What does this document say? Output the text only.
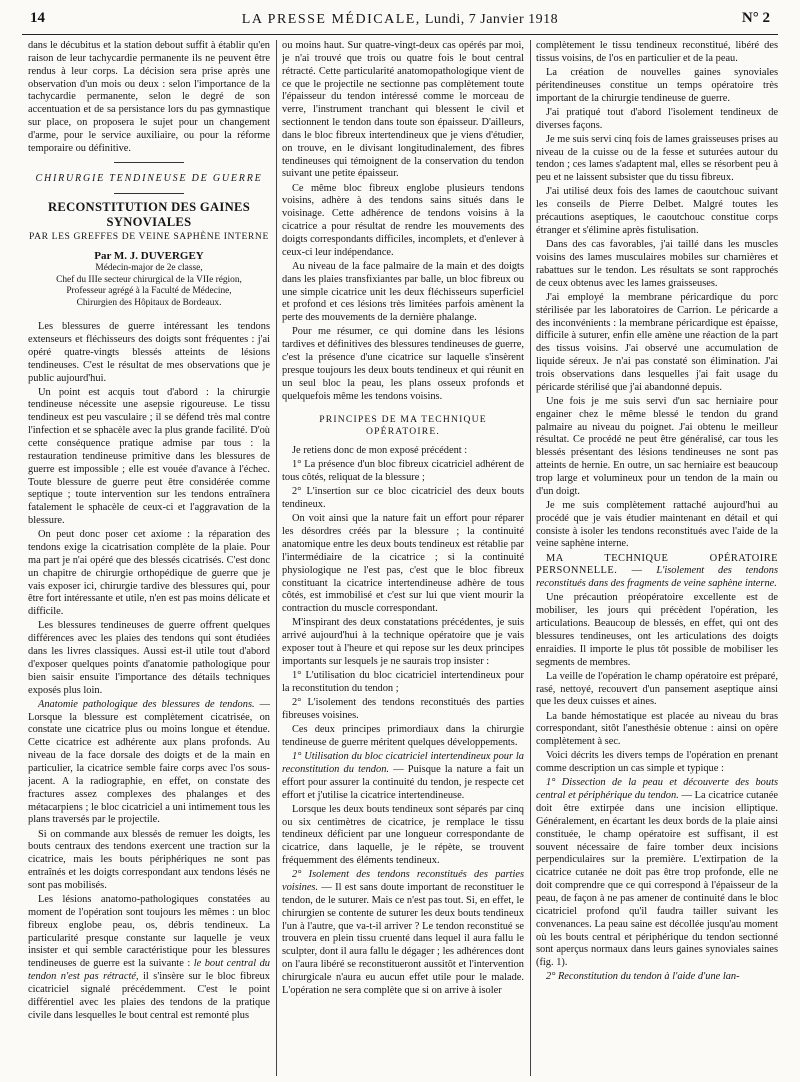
14	LA PRESSE MÉDICALE, Lundi, 7 Janvier 1918	N° 2

dans le décubitus et la station debout suffit à établir qu'en raison de leur tachycardie permanente ils ne peuvent être rendus à leur corps. La décision sera prise après une observation d'un mois ou deux : selon l'importance de la tachycardie permanente, selon le degré de son accentuation et de sa persistance lors du pas gymnastique sur place, on proposera le sujet pour un changement d'arme, pour le service auxiliaire, ou pour la réforme temporaire ou définitive.

CHIRURGIE TENDINEUSE DE GUERRE

RECONSTITUTION DES GAINES SYNOVIALES
PAR LES GREFFES DE VEINE SAPHÈNE INTERNE
Par M. J. DUVERGEY
Médecin-major de 2e classe,
Chef du IIIe secteur chirurgical de la VIIe région,
Professeur agrégé à la Faculté de Médecine,
Chirurgien des Hôpitaux de Bordeaux.

Les blessures de guerre intéressant les tendons extenseurs et fléchisseurs des doigts sont fréquentes : j'ai opéré quatre-vingts blessés atteints de lésions tendineuses. C'est le résultat de mes observations que je public aujourd'hui.

Un point est acquis tout d'abord : la chirurgie tendineuse nécessite une asepsie rigoureuse. Le tissu tendineux est peu vasculaire ; il se défend très mal contre l'infection et se sphacèle avec la plus grande facilité. D'où cette conséquence pratique admise par tous : la restauration tendineuse primitive dans les blessures de guerre est impossible ; elle est vouée d'avance à l'échec. Toute blessure de guerre peut être considérée comme septique ; toute intervention sur les tendons entraînera fatalement le sphacèle de ceux-ci et l'aggravation de la blessure.

On peut donc poser cet axiome : la réparation des tendons exige la cicatrisation complète de la plaie. Pour ma part je n'ai opéré que des blessés cicatrisés. C'est donc un chapitre de chirurgie orthopédique de guerre que je vais exposer ici, chirurgie tardive des blessures qui, pour être fort intéressante et utile, n'en est pas moins délicate et difficile.

Les blessures tendineuses de guerre offrent quelques différences avec les plaies des tendons qui sont étudiées dans les livres classiques. Aussi est-il utile tout d'abord d'exposer quelques points d'anatomie pathologique pour bien saisir ensuite l'importance des détails techniques exposés plus loin.

Anatomie pathologique des blessures de tendons. — Lorsque la blessure est complètement cicatrisée, on constate une cicatrice plus ou moins longue et étendue. Cette cicatrice est adhérente aux plans profonds. Au niveau de la face dorsale des doigts et de la main en particulier, la cicatrice semble faire corps avec l'os sous-jacent. A la radiographie, en effet, on constate des fractures assez complexes des phalanges et des métacarpiens ; le bloc cicatriciel a uni intimement tous les plans traversés par le projectile.

Si on commande aux blessés de remuer les doigts, les bouts centraux des tendons exercent une traction sur la cicatrice, mais les bouts périphériques ne sont pas entraînés et les doigts correspondant aux tendons lésés ne sont pas mobilisés.

Les lésions anatomo-pathologiques constatées au moment de l'opération sont toujours les mêmes : un bloc fibreux englobe peau, os, débris tendineux. La particularité presque constante sur laquelle je veux insister et qui semble caractéristique pour les blessures tendineuses de guerre est la suivante : le bout central du tendon n'est pas rétracté, il s'insère sur le bloc fibreux cicatriciel signalé précédemment. C'est le point différentiel avec les plaies des tendons de la pratique civile dans lesquelles le bout central est remonté plus

ou moins haut. Sur quatre-vingt-deux cas opérés par moi, je n'ai trouvé que trois ou quatre fois le bout central rétracté. Cette particularité anatomopathologique vient de ce que le projectile ne sectionne pas complètement toute l'épaisseur du tendon intéressé comme le morceau de verre, l'instrument tranchant qui blessent le civil et sectionnent le tendon dans toute son épaisseur. D'ailleurs, dans le bloc fibreux intertendineux que je viens d'étudier, on trouve, en le divisant longitudinalement, des fibres tendineuses qui témoignent de la conservation du tendon suivant une petite épaisseur.

Ce même bloc fibreux englobe plusieurs tendons voisins, adhère à des tendons sains situés dans le voisinage. Cette adhérence de tendons voisins à la cicatrice a pour résultat de rendre les mouvements des doigts correspondants difficiles, incomplets, et d'enlever à ceux-ci leur indépendance.

Au niveau de la face palmaire de la main et des doigts dans les plaies transfixiantes par balle, un bloc fibreux ou une simple cicatrice unit les deux fléchisseurs superficiel et profond et ces lésions très limitées parfois amènent la perte des mouvements de la dernière phalange.

Pour me résumer, ce qui domine dans les lésions tardives et définitives des blessures tendineuses de guerre, c'est la présence d'une cicatrice sur laquelle s'insèrent presque toujours les deux bouts tendineux et qui réunit en un seul bloc la peau, les plans osseux profonds et quelquefois même les tendons voisins.

PRINCIPES DE MA TECHNIQUE OPÉRATOIRE.

Je retiens donc de mon exposé précédent :

1° La présence d'un bloc fibreux cicatriciel adhérent de tous côtés, reliquat de la blessure ;

2° L'insertion sur ce bloc cicatriciel des deux bouts tendineux.

On voit ainsi que la nature fait un effort pour réparer les désordres créés par la blessure ; la continuité anatomique entre les deux bouts tendineux est rétablie par l'intermédiaire de la cicatrice ; si la continuité physiologique ne l'est pas, c'est que le bloc fibreux constituant la cicatrice intertendineuse adhère de tous côtés, est immobilisé et c'est sur lui que vient mourir la contraction du muscle correspondant.

M'inspirant des deux constatations précédentes, je suis arrivé aujourd'hui à la technique opératoire que je vais exposer tout à l'heure et qui repose sur les deux principes importants sur lesquels je ne saurais trop insister :

1° L'utilisation du bloc cicatriciel intertendineux pour la reconstitution du tendon ;

2° L'isolement des tendons reconstitués des parties fibreuses voisines.

Ces deux principes primordiaux dans la chirurgie tendineuse de guerre méritent quelques développements.

1° Utilisation du bloc cicatriciel intertendineux pour la reconstitution du tendon. — Puisque la nature a fait un effort pour assurer la continuité du tendon, je respecte cet effort et j'utilise la cicatrice intertendineuse.

Lorsque les deux bouts tendineux sont séparés par cinq ou six centimètres de cicatrice, je remplace le tissu tendineux déficient par une longueur correspondante de cicatrice, dans laquelle, je le répète, se trouvent fréquemment des éléments tendineux.

2° Isolement des tendons reconstitués des parties voisines. — Il est sans doute important de reconstituer le tendon, de le suturer. Mais ce n'est pas tout. Si, en effet, le chirurgien se contente de suturer les deux bouts tendineux l'un à l'autre, que va-t-il arriver ? Le tendon reconstitué se trouvera en plein tissu cruenté dans lequel il aura fallu le sculpter, dont il aura fallu le dégager ; les adhérences dont on l'aura libéré se reconstitueront aussitôt et l'intervention chirurgicale n'aura eu aucun effet utile pour le malade. L'opération ne sera complète que si on arrive à isoler

complètement le tissu tendineux reconstitué, libéré des tissus voisins, de l'os en particulier et de la peau.

La création de nouvelles gaines synoviales péritendineuses constitue un temps opératoire très important de la chirurgie tendineuse de guerre.

J'ai pratiqué tout d'abord l'isolement tendineux de diverses façons.

Je me suis servi cinq fois de lames graisseuses prises au niveau de la cuisse ou de la fesse et suturées autour du tendon ; ces lames s'adaptent mal, elles se résorbent peu à peu et ne laissent subsister que du tissu fibreux.

J'ai utilisé deux fois des lames de caoutchouc suivant les conseils de Pierre Delbet. Malgré toutes les précautions aseptiques, le caoutchouc constitue corps étranger et s'élimine après fistulisation.

Dans des cas favorables, j'ai taillé dans les muscles voisins des lames musculaires mobiles sur charnières et rabattues sur le tendon. Les résultats se sont rapprochés de ceux obtenus avec les lames graisseuses.

J'ai employé la membrane péricardique du porc stérilisée par les laboratoires de Carrion. Le péricarde a des inconvénients : la membrane péricardique est épaisse, difficile à suturer, enfin elle amène une réaction de la part des tissus voisins. J'ai observé une accumulation de liquide séreux. Je n'ai pas constaté son élimination. J'ai trois observations dans lesquelles j'ai fait usage du péricarde stérilisé que j'ai abandonné depuis.

Une fois je me suis servi d'un sac herniaire pour engainer chez le même blessé le tendon du grand palmaire au niveau du poignet. J'ai obtenu le meilleur résultat. Ce procédé ne peut être généralisé, car tous les blessés présentant des lésions tendineuses ne sont pas atteints de hernie. En outre, un sac herniaire est beaucoup trop large et volumineux pour un tendon de la main ou d'un doigt.

Je me suis complètement rattaché aujourd'hui au procédé que je vais étudier maintenant en détail et qui consiste à isoler les tendons reconstitués avec l'aide de la veine saphène interne.

MA TECHNIQUE OPÉRATOIRE PERSONNELLE. — L'isolement des tendons reconstitués dans des fragments de veine saphène interne.

Une précaution préopératoire excellente est de mobiliser, les jours qui précèdent l'opération, les articulations. Beaucoup de blessés, en effet, qui ont des blessures tendineuses, ont les articulations des doigts enraidies. Il importe le plus tôt possible de mobiliser les segments de membres.

La veille de l'opération le champ opératoire est préparé, rasé, nettoyé, recouvert d'un pansement aseptique ainsi que les deux cuisses et aines.

La bande hémostatique est placée au niveau du bras correspondant, sitôt l'anesthésie obtenue : ainsi on opère complètement à sec.

Voici décrits les divers temps de l'opération en prenant comme description un cas simple et typique :

1° Dissection de la peau et découverte des bouts central et périphérique du tendon. — La cicatrice cutanée doit être extirpée dans une incision elliptique. Généralement, en écartant les deux bords de la plaie ainsi constituée, le champ opératoire est suffisant, il est souvent nécessaire de faire tomber deux incisions perpendiculaires sur la première. L'extirpation de la cicatrice cutanée ne doit pas être trop profonde, elle ne doit comprendre que ce qui correspond à l'épaisseur de la peau, de façon à ne pas amener de continuité dans le bloc cicatriciel profond qu'il faudra tailler suivant les convenances. La peau saine est décollée jusqu'au moment où les bouts central et périphérique du tendon sectionné sont aperçus normaux dans leurs gaines synoviales saines (fig. 1).

2° Reconstitution du tendon à l'aide d'une lan-
